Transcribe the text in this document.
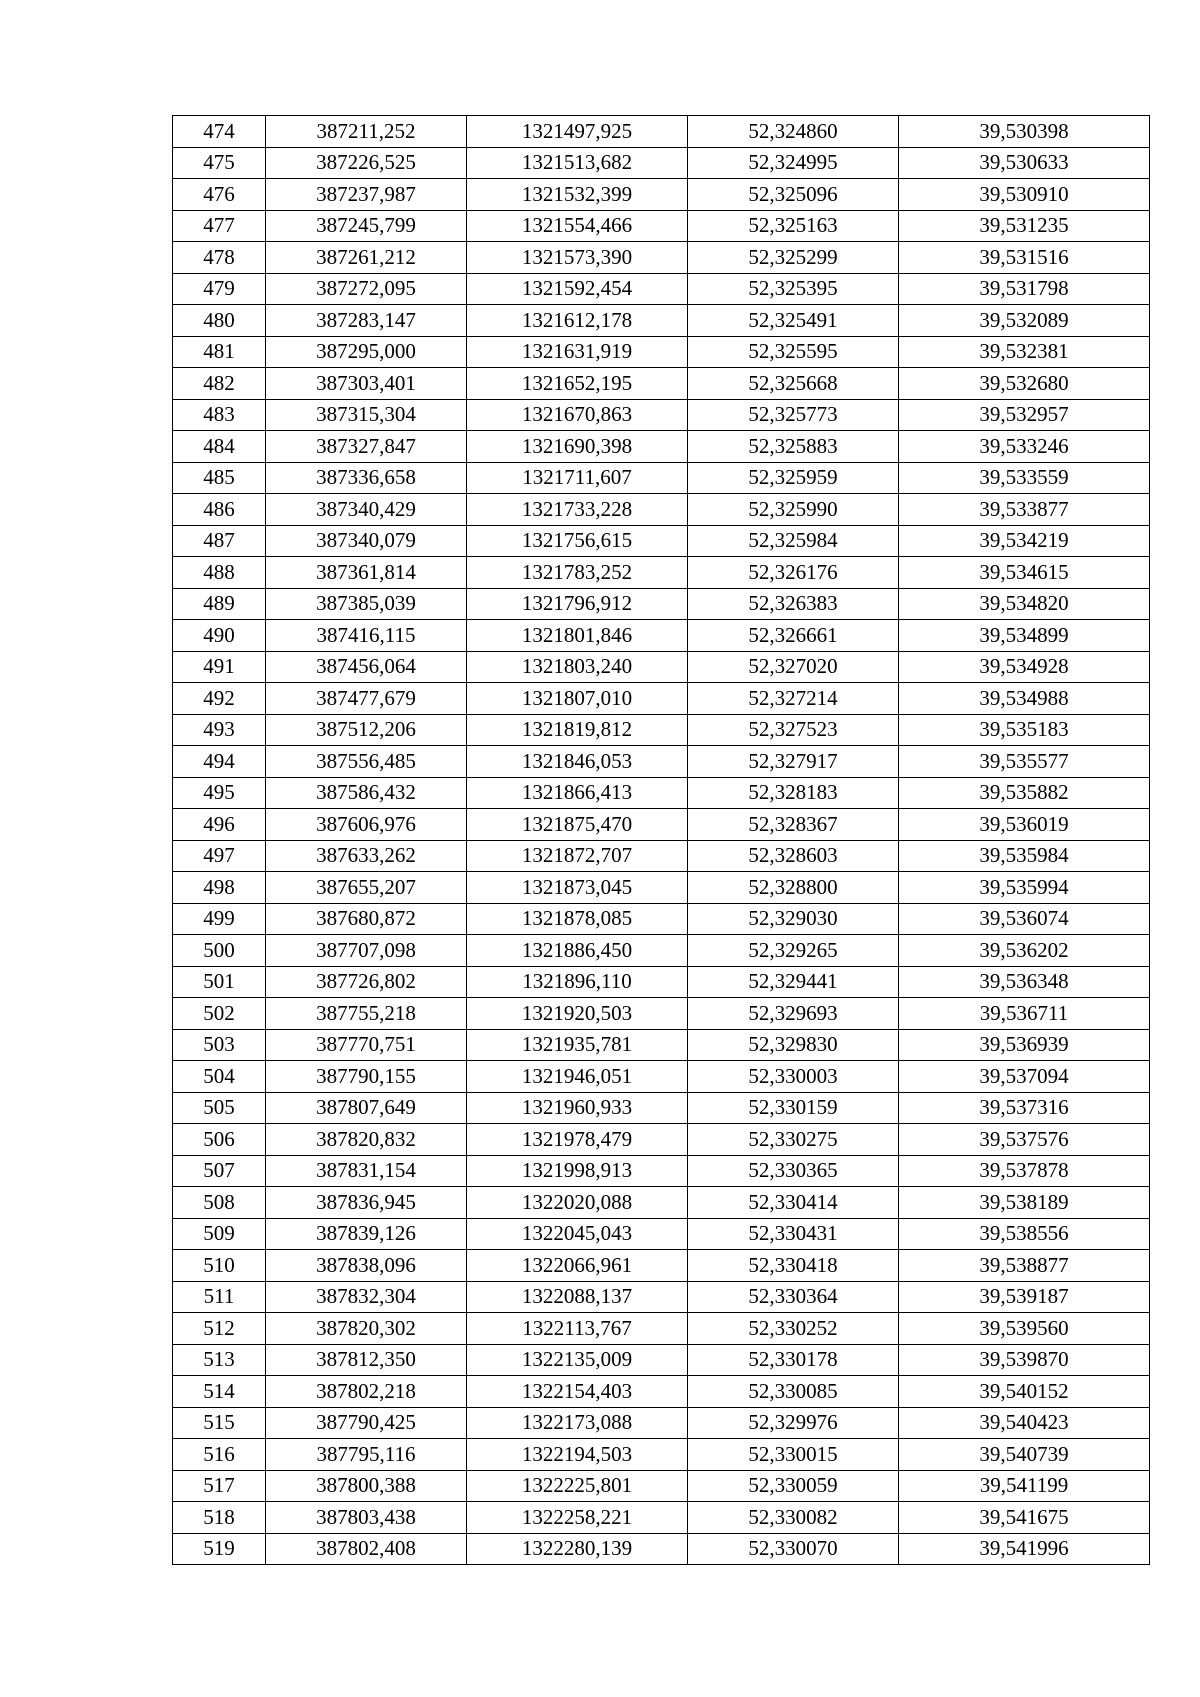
474	387211,252	1321497,925	52,324860	39,530398
475	387226,525	1321513,682	52,324995	39,530633
476	387237,987	1321532,399	52,325096	39,530910
477	387245,799	1321554,466	52,325163	39,531235
478	387261,212	1321573,390	52,325299	39,531516
479	387272,095	1321592,454	52,325395	39,531798
480	387283,147	1321612,178	52,325491	39,532089
481	387295,000	1321631,919	52,325595	39,532381
482	387303,401	1321652,195	52,325668	39,532680
483	387315,304	1321670,863	52,325773	39,532957
484	387327,847	1321690,398	52,325883	39,533246
485	387336,658	1321711,607	52,325959	39,533559
486	387340,429	1321733,228	52,325990	39,533877
487	387340,079	1321756,615	52,325984	39,534219
488	387361,814	1321783,252	52,326176	39,534615
489	387385,039	1321796,912	52,326383	39,534820
490	387416,115	1321801,846	52,326661	39,534899
491	387456,064	1321803,240	52,327020	39,534928
492	387477,679	1321807,010	52,327214	39,534988
493	387512,206	1321819,812	52,327523	39,535183
494	387556,485	1321846,053	52,327917	39,535577
495	387586,432	1321866,413	52,328183	39,535882
496	387606,976	1321875,470	52,328367	39,536019
497	387633,262	1321872,707	52,328603	39,535984
498	387655,207	1321873,045	52,328800	39,535994
499	387680,872	1321878,085	52,329030	39,536074
500	387707,098	1321886,450	52,329265	39,536202
501	387726,802	1321896,110	52,329441	39,536348
502	387755,218	1321920,503	52,329693	39,536711
503	387770,751	1321935,781	52,329830	39,536939
504	387790,155	1321946,051	52,330003	39,537094
505	387807,649	1321960,933	52,330159	39,537316
506	387820,832	1321978,479	52,330275	39,537576
507	387831,154	1321998,913	52,330365	39,537878
508	387836,945	1322020,088	52,330414	39,538189
509	387839,126	1322045,043	52,330431	39,538556
510	387838,096	1322066,961	52,330418	39,538877
511	387832,304	1322088,137	52,330364	39,539187
512	387820,302	1322113,767	52,330252	39,539560
513	387812,350	1322135,009	52,330178	39,539870
514	387802,218	1322154,403	52,330085	39,540152
515	387790,425	1322173,088	52,329976	39,540423
516	387795,116	1322194,503	52,330015	39,540739
517	387800,388	1322225,801	52,330059	39,541199
518	387803,438	1322258,221	52,330082	39,541675
519	387802,408	1322280,139	52,330070	39,541996
